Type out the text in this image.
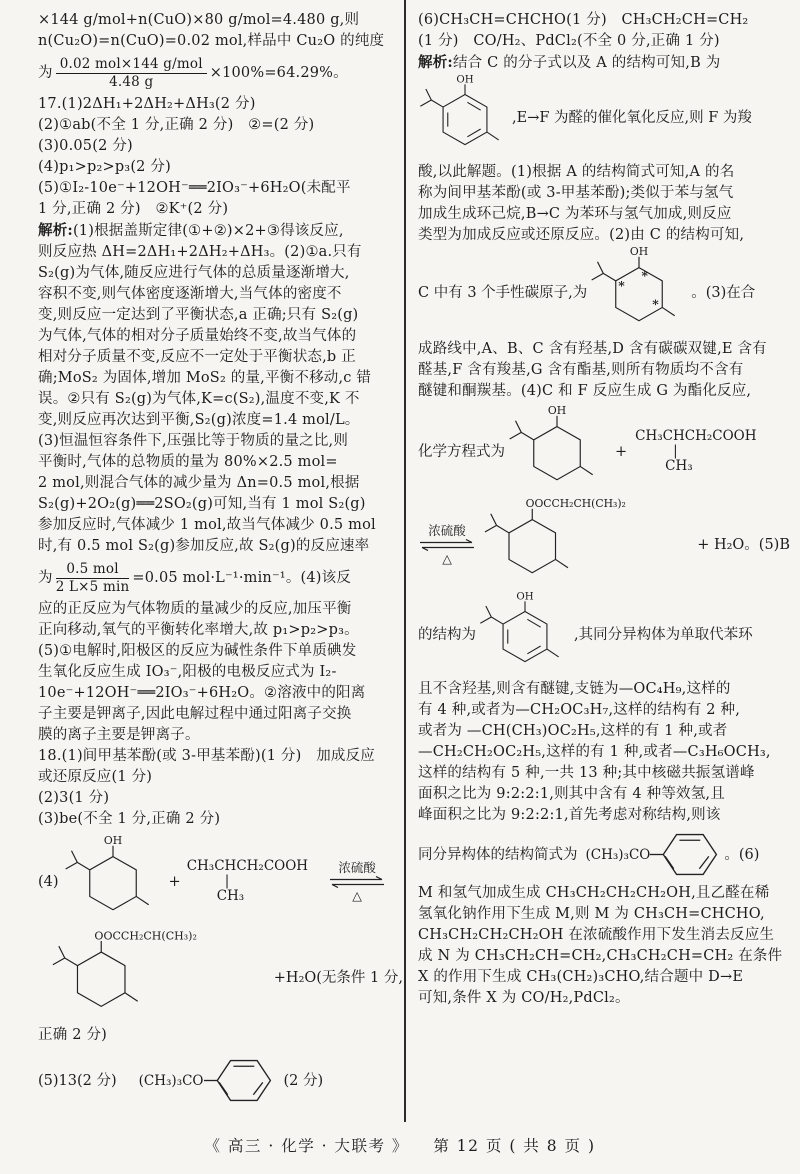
×144 g/mol+n(CuO)×80 g/mol=4.480 g,则
n(Cu₂O)=n(CuO)=0.02 mol,样品中 Cu₂O 的纯度
为 $\frac{\text{0.02 mol×144 g/mol}}{4.48 g} \times 100\%=64.29\%$。
17.(1)2ΔH₁+2ΔH₂+ΔH₃(2 分)
(2)①ab(不全 1 分,正确 2 分)　②=(2 分)
(3)0.05(2 分)
(4)p₁>p₂>p₃(2 分)
(5)①I₂-10e⁻+12OH⁻══2IO₃⁻+6H₂O(未配平
1 分,正确 2 分)　②K⁺(2 分)
解析:(1)根据盖斯定律(①+②)×2+③得该反应,
则反应热 ΔH=2ΔH₁+2ΔH₂+ΔH₃。(2)①a.只有
S₂(g)为气体,随反应进行气体的总质量逐渐增大,
容积不变,则气体密度逐渐增大,当气体的密度不
变,则反应一定达到了平衡状态,a 正确;只有 S₂(g)
为气体,气体的相对分子质量始终不变,故当气体的
相对分子质量不变,反应不一定处于平衡状态,b 正
确;MoS₂ 为固体,增加 MoS₂ 的量,平衡不移动,c 错
误。②只有 S₂(g)为气体,K=c(S₂),温度不变,K 不
变,则反应再次达到平衡,S₂(g)浓度=1.4 mol/L。
(3)恒温恒容条件下,压强比等于物质的量之比,则
平衡时,气体的总物质的量为 80%×2.5 mol=
2 mol,则混合气体的减少量为 Δn=0.5 mol,根据
S₂(g)+2O₂(g)══2SO₂(g)可知,当有 1 mol S₂(g)
参加反应时,气体减少 1 mol,故当气体减少 0.5 mol
时,有 0.5 mol S₂(g)参加反应,故 S₂(g)的反应速率
为 $\frac{\text{0.5 mol}}{2 L\times 5 \min} =0.05$ mol·L⁻¹·min⁻¹。(4)该反
应的正反应为气体物质的量减少的反应,加压平衡
正向移动,氧气的平衡转化率增大,故 p₁>p₂>p₃。
(5)①电解时,阳极区的反应为碱性条件下单质碘发
生氧化反应生成 IO₃⁻,阳极的电极反应式为 I₂-
10e⁻+12OH⁻══2IO₃⁻+6H₂O。②溶液中的阳离
子主要是钾离子,因此电解过程中通过阳离子交换
膜的离子主要是钾离子。
18.(1)间甲基苯酚(或 3-甲基苯酚)(1 分)　加成反应
或还原反应(1 分)
(2)3(1 分)
(3)be(不全 1 分,正确 2 分)
(4)
OH
+
CH₃CHCH₂COOH
|
CH₃
浓硫酸
△
OOCCH₂CH(CH₃)₂
+H₂O(无条件 1 分,
正确 2 分)
(5)13(2 分) (CH₃)₃CO	(2 分)
(6)CH₃CH=CHCHO(1 分)　CH₃CH₂CH=CH₂
(1 分)　CO/H₂、PdCl₂(不全 0 分,正确 1 分)
解析:结合 C 的分子式以及 A 的结构可知,B 为
OH
,E→F 为醛的催化氧化反应,则 F 为羧
酸,以此解题。(1)根据 A 的结构简式可知,A 的名
称为间甲基苯酚(或 3-甲基苯酚);类似于苯与氢气
加成生成环己烷,B→C 为苯环与氢气加成,则反应
类型为加成反应或还原反应。(2)由 C 的结构可知,
C 中有 3 个手性碳原子,为
OH
*
*
*
。(3)在合
成路线中,A、B、C 含有羟基,D 含有碳碳双键,E 含有
醛基,F 含有羧基,G 含有酯基,则所有物质均不含有
醚键和酮羰基。(4)C 和 F 反应生成 G 为酯化反应,
化学方程式为
OH
+
CH₃CHCH₂COOH
|
CH₃
浓硫酸
△
OOCCH₂CH(CH₃)₂
+ H₂O。(5)B
的结构为
OH
,其同分异构体为单取代苯环
且不含羟基,则含有醚键,支链为—OC₄H₉,这样的
有 4 种,或者为—CH₂OC₃H₇,这样的结构有 2 种,
或者为 —CH(CH₃)OC₂H₅,这样的有 1 种,或者
—CH₂CH₂OC₂H₅,这样的有 1 种,或者—C₃H₆OCH₃,
这样的结构有 5 种,一共 13 种;其中核磁共振氢谱峰
面积之比为 9:2:2:1,则其中含有 4 种等效氢,且
峰面积之比为 9:2:2:1,首先考虑对称结构,则该
同分异构体的结构简式为 (CH₃)₃CO	。(6)
M 和氢气加成生成 CH₃CH₂CH₂CH₂OH,且乙醛在稀
氢氧化钠作用下生成 M,则 M 为 CH₃CH=CHCHO,
CH₃CH₂CH₂CH₂OH 在浓硫酸作用下发生消去反应生
成 N 为 CH₃CH₂CH=CH₂,CH₃CH₂CH=CH₂ 在条件
X 的作用下生成 CH₃(CH₂)₃CHO,结合题中 D→E
可知,条件 X 为 CO/H₂,PdCl₂。
《 高三 · 化学 · 大联考 》 第 12 页 ( 共 8 页 )
